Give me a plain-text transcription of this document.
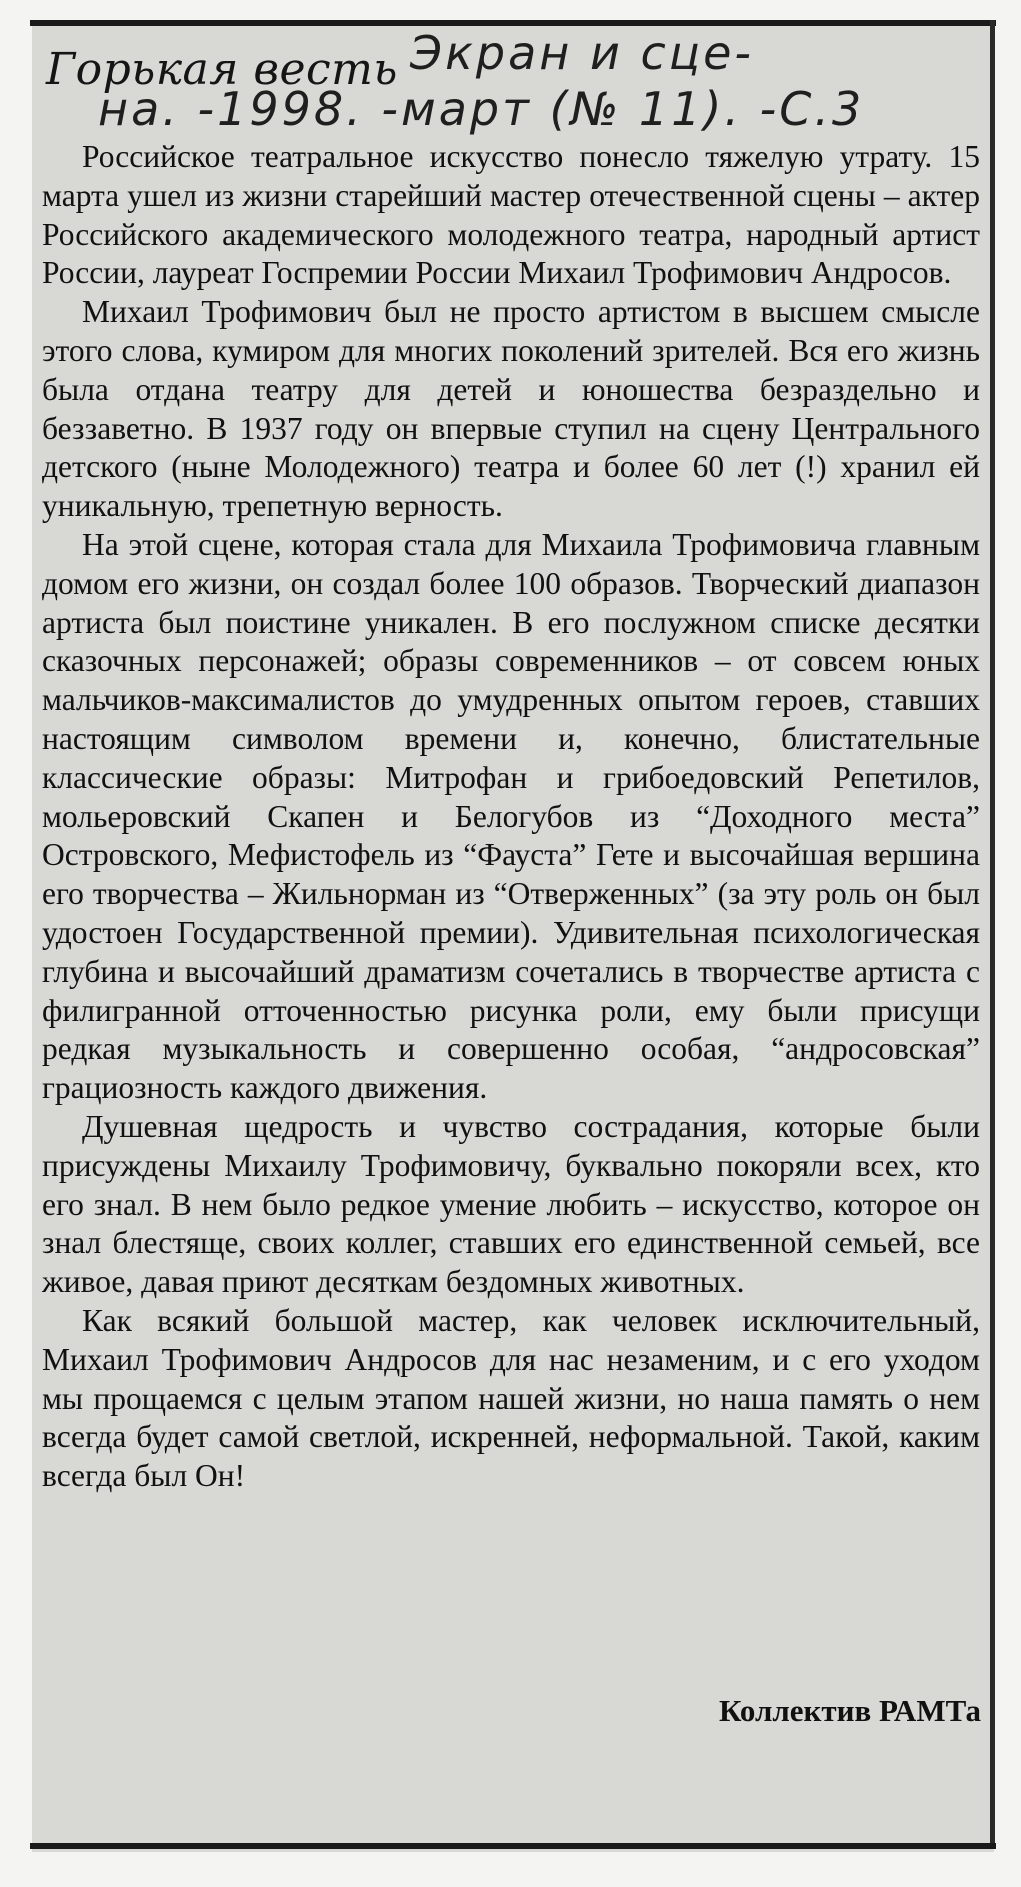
Горькая весть Экран и сце-
на. -1998. -март (№ 11). -С.3

Российское театральное искусство понесло тяжелую утрату. 15 марта ушел из жизни старейший мастер отечественной сцены – актер Российского академического молодежного театра, народный артист России, лауреат Госпремии России Михаил Трофимович Андросов.

Михаил Трофимович был не просто артистом в высшем смысле этого слова, кумиром для многих поколений зрителей. Вся его жизнь была отдана театру для детей и юношества безраздельно и беззаветно. В 1937 году он впервые ступил на сцену Центрального детского (ныне Молодежного) театра и более 60 лет (!) хранил ей уникальную, трепетную верность.

На этой сцене, которая стала для Михаила Трофимовича главным домом его жизни, он создал более 100 образов. Творческий диапазон артиста был поистине уникален. В его послужном списке десятки сказочных персонажей; образы современников – от совсем юных мальчиков-максималистов до умудренных опытом героев, ставших настоящим символом времени и, конечно, блистательные классические образы: Митрофан и грибоедовский Репетилов, мольеровский Скапен и Белогубов из “Доходного места” Островского, Мефистофель из “Фауста” Гете и высочайшая вершина его творчества – Жильнорман из “Отверженных” (за эту роль он был удостоен Государственной премии). Удивительная психологическая глубина и высочайший драматизм сочетались в творчестве артиста с филигранной отточенностью рисунка роли, ему были присущи редкая музыкальность и совершенно особая, “андросовская” грациозность каждого движения.

Душевная щедрость и чувство сострадания, которые были присуждены Михаилу Трофимовичу, буквально покоряли всех, кто его знал. В нем было редкое умение любить – искусство, которое он знал блестяще, своих коллег, ставших его единственной семьей, все живое, давая приют десяткам бездомных животных.

Как всякий большой мастер, как человек исключительный, Михаил Трофимович Андросов для нас незаменим, и с его уходом мы прощаемся с целым этапом нашей жизни, но наша память о нем всегда будет самой светлой, искренней, неформальной. Такой, каким всегда был Он!

Коллектив РАМТа
